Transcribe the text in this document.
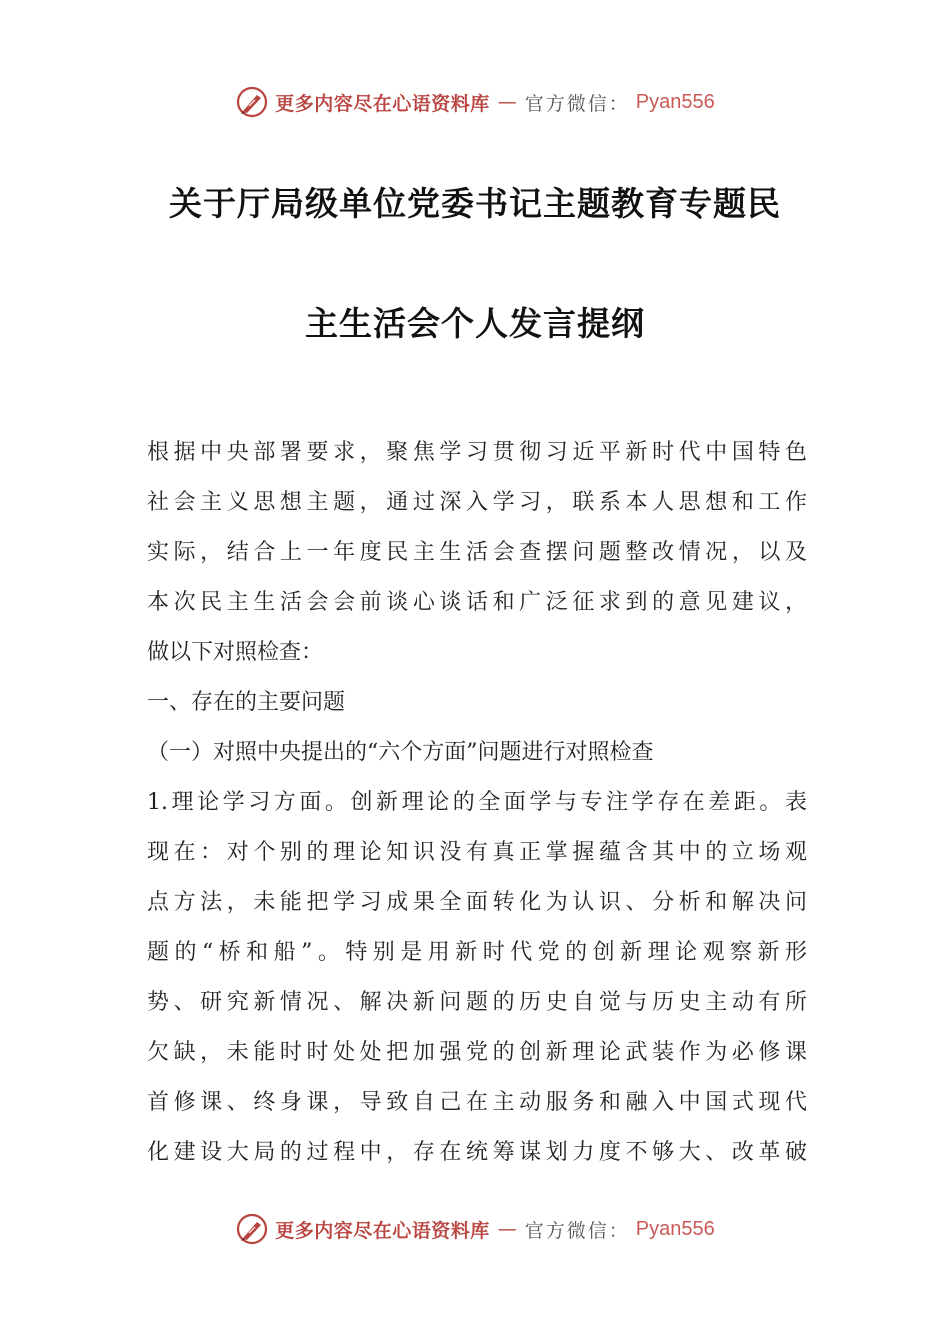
更多内容尽在心语资料库 — 官方微信： Pyan556
关于厅局级单位党委书记主题教育专题民
主生活会个人发言提纲
根据中央部署要求，聚焦学习贯彻习近平新时代中国特色
社会主义思想主题，通过深入学习，联系本人思想和工作
实际，结合上一年度民主生活会查摆问题整改情况，以及
本次民主生活会会前谈心谈话和广泛征求到的意见建议，
做以下对照检查：
一、存在的主要问题
（一）对照中央提出的“六个方面”问题进行对照检查
1.理论学习方面。创新理论的全面学与专注学存在差距。表
现在：对个别的理论知识没有真正掌握蕴含其中的立场观
点方法，未能把学习成果全面转化为认识、分析和解决问
题的“桥和船”。特别是用新时代党的创新理论观察新形
势、研究新情况、解决新问题的历史自觉与历史主动有所
欠缺，未能时时处处把加强党的创新理论武装作为必修课
首修课、终身课，导致自己在主动服务和融入中国式现代
化建设大局的过程中，存在统筹谋划力度不够大、改革破
更多内容尽在心语资料库 — 官方微信： Pyan556
